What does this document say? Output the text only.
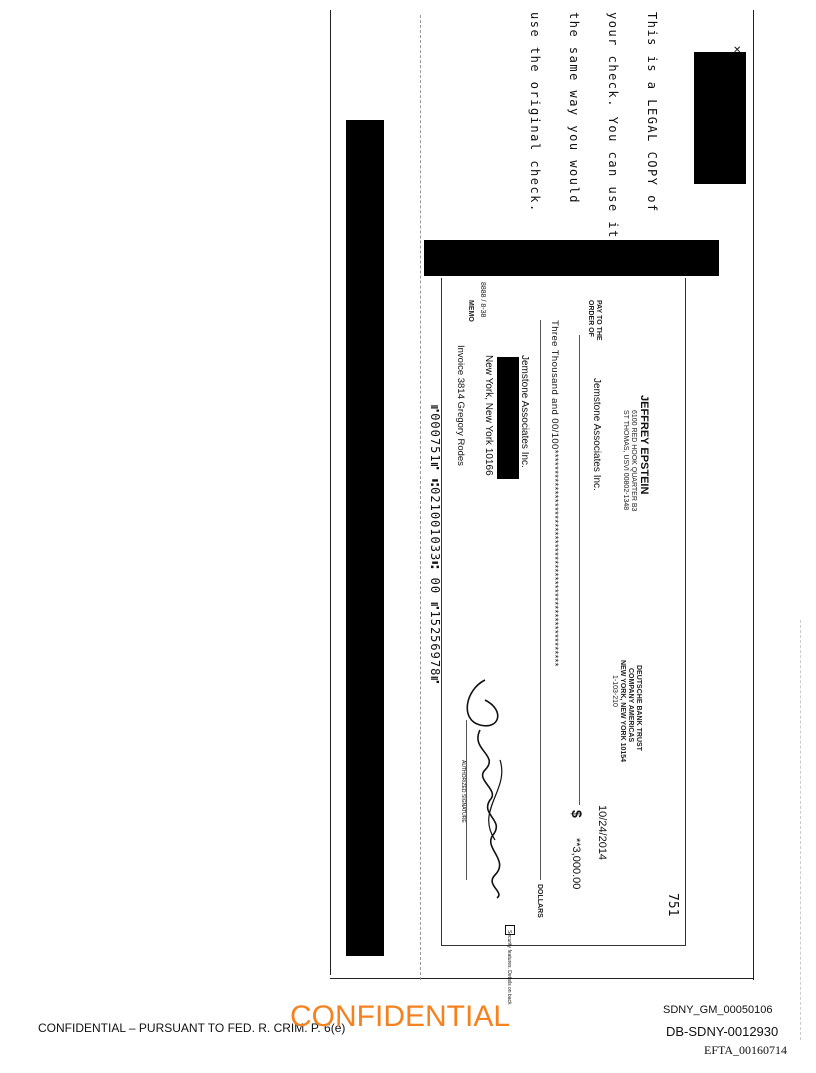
This is a LEGAL COPY of

your check. You can use it

the same way you would

use the original check.	✕
8888 / 8-38
JEFFREY EPSTEIN
6100 RED HOOK QUARTER B3
ST THOMAS, USVI 00802-1348
DEUTSCHE BANK TRUST
COMPANY AMERICAS
NEW YORK, NEW YORK 10154
1-103-210
751
10/24/2014
PAY TO THE
ORDER OF
Jemstone Associates Inc.
$
**3,000.00
Three Thousand and 00/100*****************************************************
DOLLARS
Jemstone Associates Inc.
New York, New York 10166
MEMO
Invoice 3814 Gregory Rodes
⑈000751⑈ ⑆021001033⑆ 00 ⑈15256978⑈
AUTHORIZED SIGNATURE
Security features. Details on back
CONFIDENTIAL – PURSUANT TO FED. R. CRIM. P. 6(e)
CONFIDENTIAL	SDNY_GM_00050106
DB-SDNY-0012930
EFTA_00160714
